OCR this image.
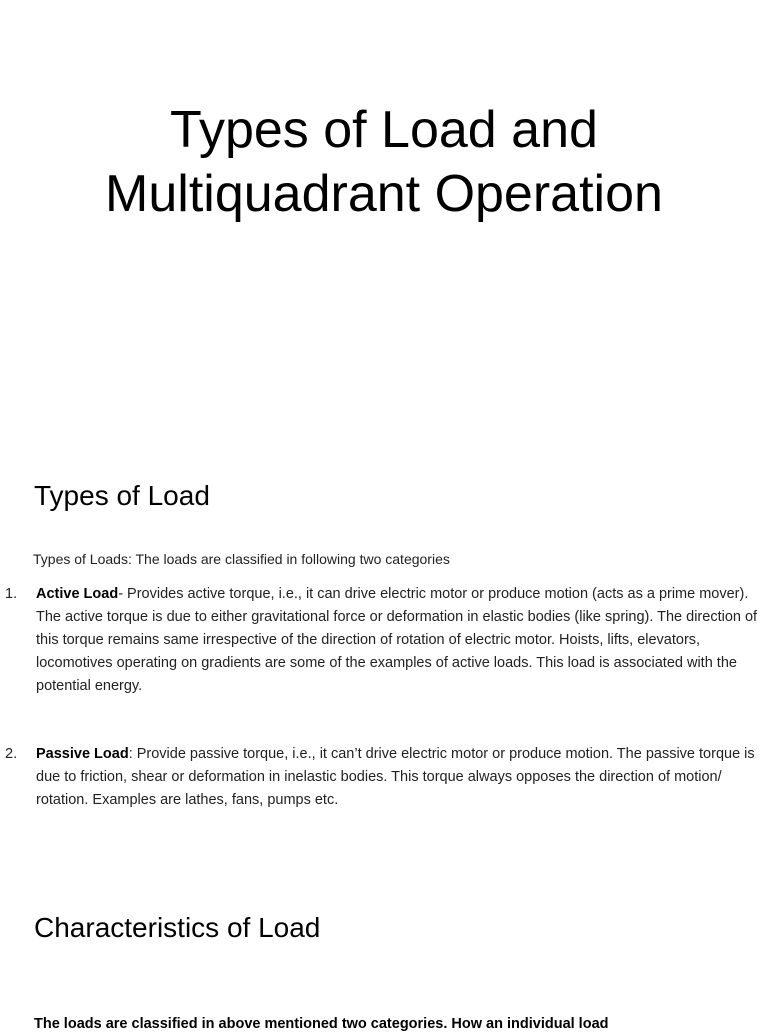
Types of Load and
Multiquadrant Operation
Types of Load

Types of Loads: The loads are classified in following two categories

1. Active Load- Provides active torque, i.e., it can drive electric motor or produce motion (acts as a prime mover). The active torque is due to either gravitational force or deformation in elastic bodies (like spring). The direction of this torque remains same irrespective of the direction of rotation of electric motor. Hoists, lifts, elevators, locomotives operating on gradients are some of the examples of active loads. This load is associated with the potential energy.
2. Passive Load: Provide passive torque, i.e., it can’t drive electric motor or produce motion. The passive torque is due to friction, shear or deformation in inelastic bodies. This torque always opposes the direction of motion/ rotation. Examples are lathes, fans, pumps etc.
Characteristics of Load

The loads are classified in above mentioned two categories. How an individual load
